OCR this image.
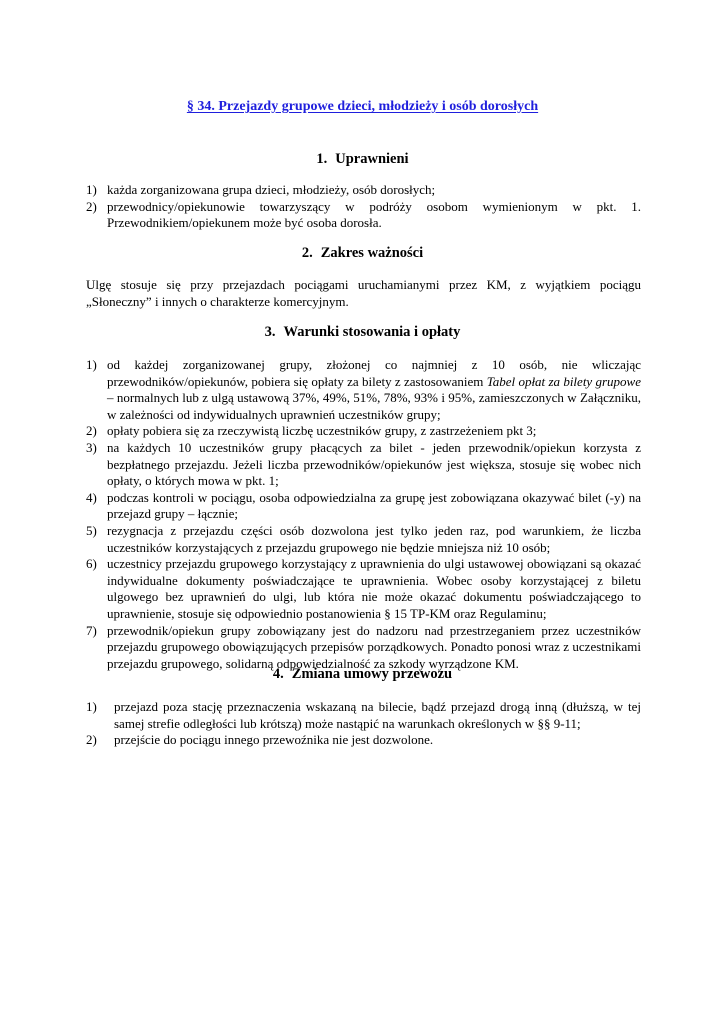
§ 34. Przejazdy grupowe dzieci, młodzieży i osób dorosłych
1. Uprawnieni
1) każda zorganizowana grupa dzieci, młodzieży, osób dorosłych;
2) przewodnicy/opiekunowie towarzyszący w podróży osobom wymienionym w pkt. 1. Przewodnikiem/opiekunem może być osoba dorosła.
2. Zakres ważności

Ulgę stosuje się przy przejazdach pociągami uruchamianymi przez KM, z wyjątkiem pociągu „Słoneczny” i innych o charakterze komercyjnym.

3. Warunki stosowania i opłaty
1) od każdej zorganizowanej grupy, złożonej co najmniej z 10 osób, nie wliczając przewodników/opiekunów, pobiera się opłaty za bilety z zastosowaniem Tabel opłat za bilety grupowe – normalnych lub z ulgą ustawową 37%, 49%, 51%, 78%, 93% i 95%, zamieszczonych w Załączniku, w zależności od indywidualnych uprawnień uczestników grupy;
2) opłaty pobiera się za rzeczywistą liczbę uczestników grupy, z zastrzeżeniem pkt 3;
3) na każdych 10 uczestników grupy płacących za bilet - jeden przewodnik/opiekun korzysta z bezpłatnego przejazdu. Jeżeli liczba przewodników/opiekunów jest większa, stosuje się wobec nich opłaty, o których mowa w pkt. 1;
4) podczas kontroli w pociągu, osoba odpowiedzialna za grupę jest zobowiązana okazywać bilet (-y) na przejazd grupy – łącznie;
5) rezygnacja z przejazdu części osób dozwolona jest tylko jeden raz, pod warunkiem, że liczba uczestników korzystających z przejazdu grupowego nie będzie mniejsza niż 10 osób;
6) uczestnicy przejazdu grupowego korzystający z uprawnienia do ulgi ustawowej obowiązani są okazać indywidualne dokumenty poświadczające te uprawnienia. Wobec osoby korzystającej z biletu ulgowego bez uprawnień do ulgi, lub która nie może okazać dokumentu poświadczającego to uprawnienie, stosuje się odpowiednio postanowienia § 15 TP-KM oraz Regulaminu;
7) przewodnik/opiekun grupy zobowiązany jest do nadzoru nad przestrzeganiem przez uczestników przejazdu grupowego obowiązujących przepisów porządkowych. Ponadto ponosi wraz z uczestnikami przejazdu grupowego, solidarną odpowiedzialność za szkody wyrządzone KM.
4. Zmiana umowy przewozu
1) przejazd poza stację przeznaczenia wskazaną na bilecie, bądź przejazd drogą inną (dłuższą, w tej samej strefie odległości lub krótszą) może nastąpić na warunkach określonych w §§ 9-11;
2) przejście do pociągu innego przewoźnika nie jest dozwolone.
